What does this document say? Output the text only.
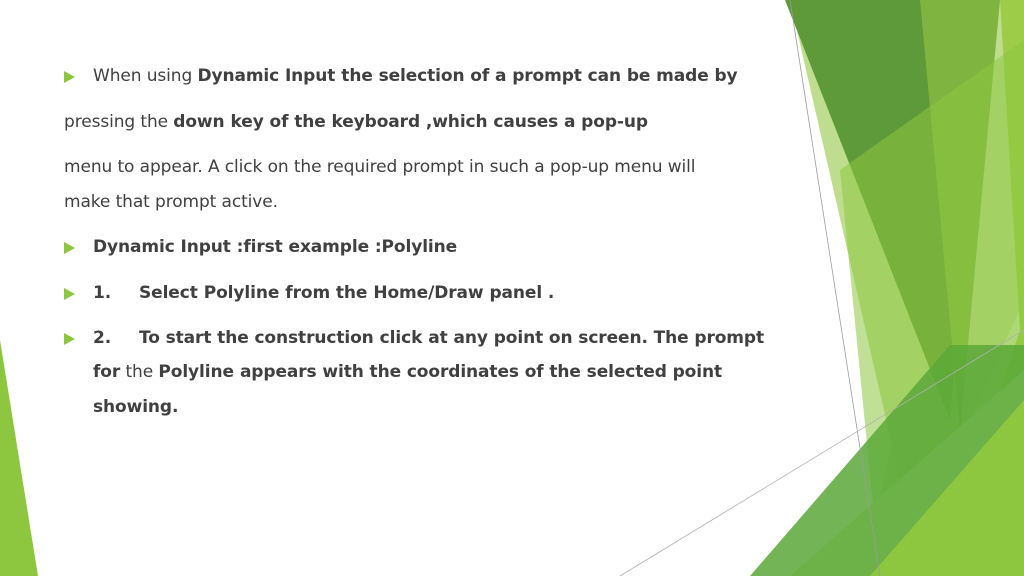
When using Dynamic Input the selection of a prompt can be made by

pressing the down key of the keyboard ,which causes a pop-up

menu to appear. A click on the required prompt in such a pop-up menu will

make that prompt active.

Dynamic Input :first example :Polyline

1. Select Polyline from the Home/Draw panel .

2. To start the construction click at any point on screen. The prompt

for the Polyline appears with the coordinates of the selected point

showing.
